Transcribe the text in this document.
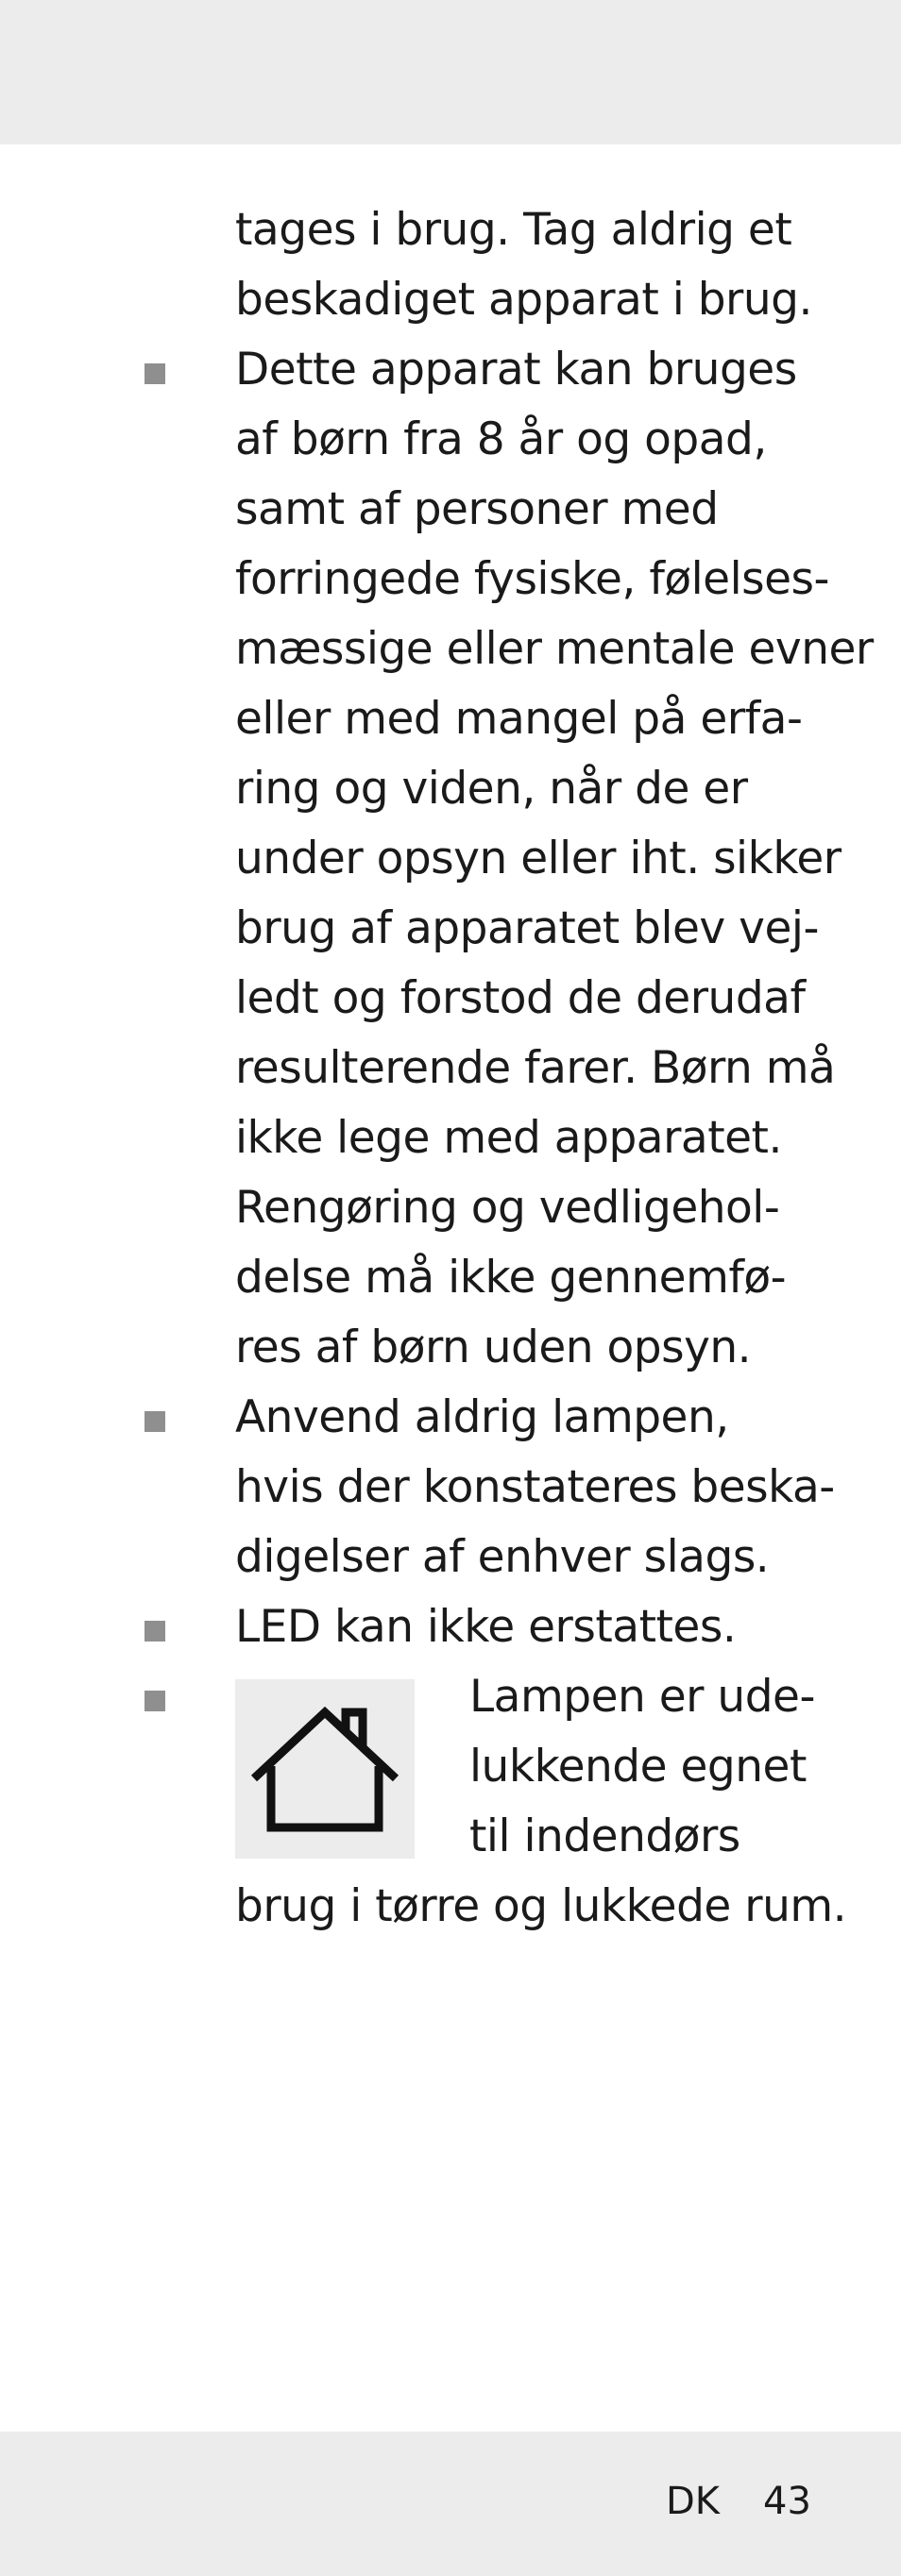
tages i brug. Tag aldrig et
beskadiget apparat i brug.
Dette apparat kan bruges
af børn fra 8 år og opad,
samt af personer med
forringede fysiske, følelses-
mæssige eller mentale evner
eller med mangel på erfa-
ring og viden, når de er
under opsyn eller iht. sikker
brug af apparatet blev vej-
ledt og forstod de derudaf
resulterende farer. Børn må
ikke lege med apparatet.
Rengøring og vedligehol-
delse må ikke gennemfø-
res af børn uden opsyn.
Anvend aldrig lampen,
hvis der konstateres beska-
digelser af enhver slags.
LED kan ikke erstattes.
Lampen er ude-
lukkende egnet
til indendørs
brug i tørre og lukkede rum.
DK 43
